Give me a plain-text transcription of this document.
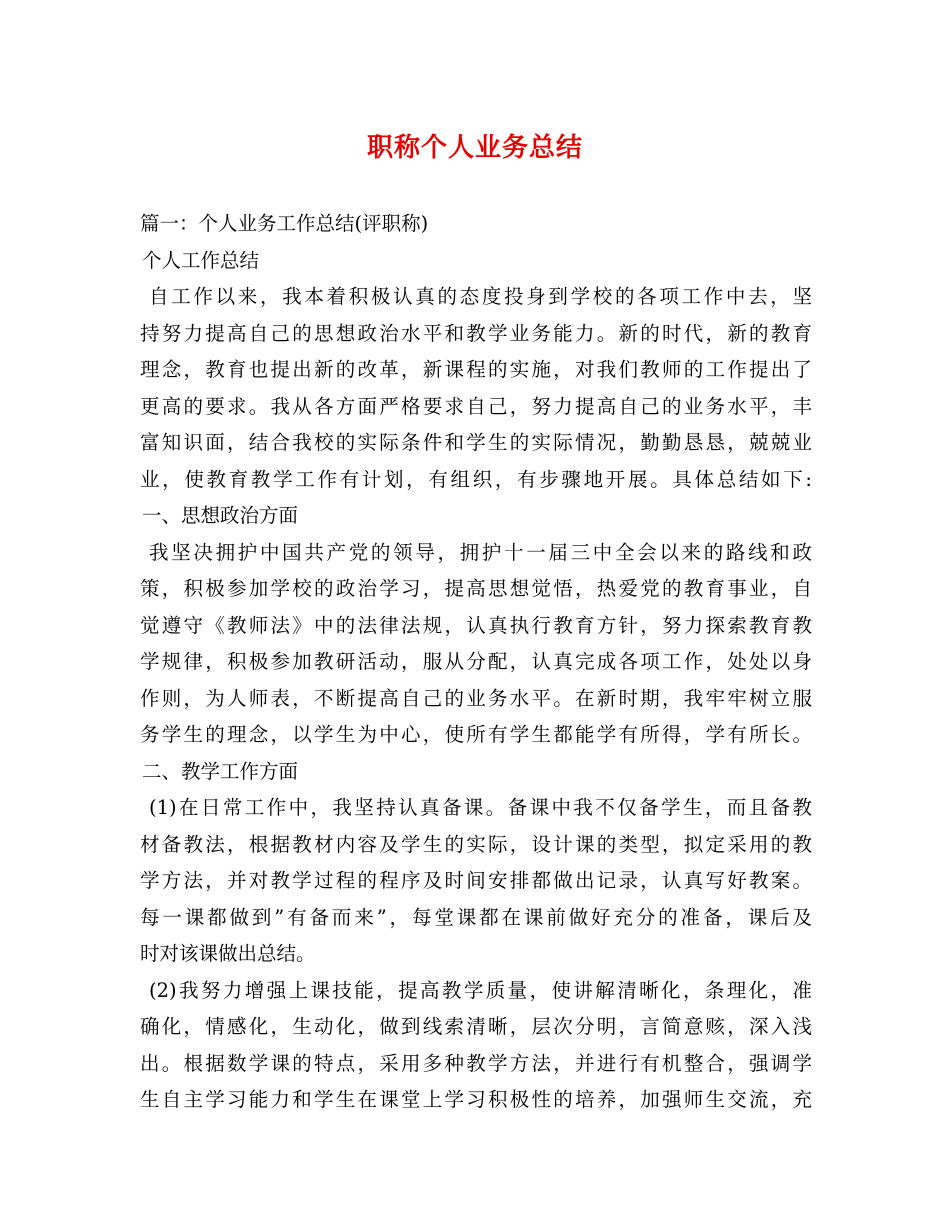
职称个人业务总结
篇一：个人业务工作总结(评职称)
个人工作总结
自工作以来，我本着积极认真的态度投身到学校的各项工作中去，坚
持努力提高自己的思想政治水平和教学业务能力。新的时代，新的教育
理念，教育也提出新的改革，新课程的实施，对我们教师的工作提出了
更高的要求。我从各方面严格要求自己，努力提高自己的业务水平，丰
富知识面，结合我校的实际条件和学生的实际情况，勤勤恳恳，兢兢业
业，使教育教学工作有计划，有组织，有步骤地开展。具体总结如下:
一、思想政治方面
我坚决拥护中国共产党的领导，拥护十一届三中全会以来的路线和政
策，积极参加学校的政治学习，提高思想觉悟，热爱党的教育事业，自
觉遵守《教师法》中的法律法规，认真执行教育方针，努力探索教育教
学规律，积极参加教研活动，服从分配，认真完成各项工作，处处以身
作则，为人师表，不断提高自己的业务水平。在新时期，我牢牢树立服
务学生的理念，以学生为中心，使所有学生都能学有所得，学有所长。
二、教学工作方面
(1)在日常工作中，我坚持认真备课。备课中我不仅备学生，而且备教
材备教法，根据教材内容及学生的实际，设计课的类型，拟定采用的教
学方法，并对教学过程的程序及时间安排都做出记录，认真写好教案。
每一课都做到”有备而来”，每堂课都在课前做好充分的准备，课后及
时对该课做出总结。
(2)我努力增强上课技能，提高教学质量，使讲解清晰化，条理化，准
确化，情感化，生动化，做到线索清晰，层次分明，言简意赅，深入浅
出。根据数学课的特点，采用多种教学方法，并进行有机整合，强调学
生自主学习能力和学生在课堂上学习积极性的培养，加强师生交流，充
